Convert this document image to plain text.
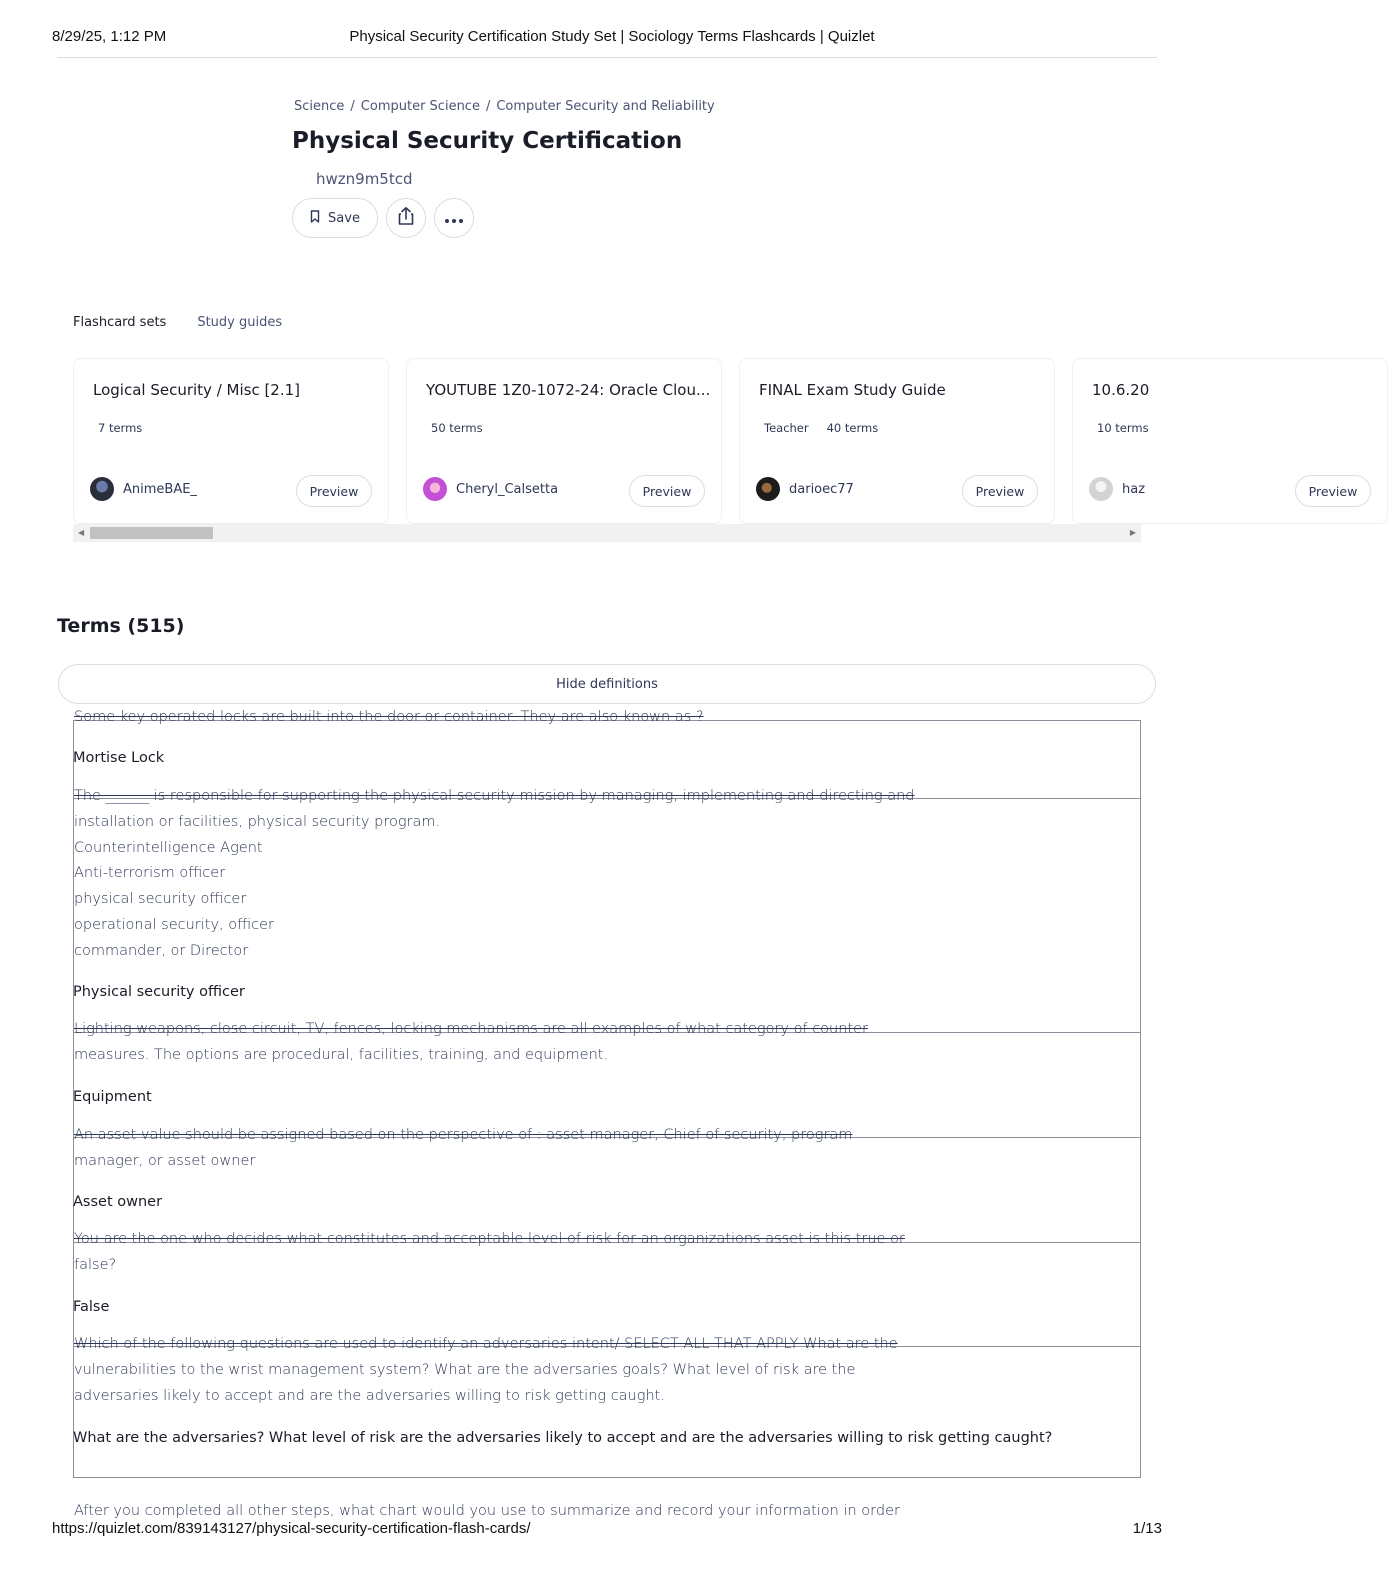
8/29/25, 1:12 PM	Physical Security Certification Study Set | Sociology Terms Flashcards | Quizlet
Science / Computer Science / Computer Security and Reliability
Physical Security Certification
hwzn9m5tcd
Save
Flashcard sets Study guides
Logical Security / Misc [2.1]
7 terms
AnimeBAE_	Preview
YOUTUBE 1Z0-1072-24: Oracle Clou...
50 terms
Cheryl_Calsetta	Preview
FINAL Exam Study Guide
Teacher 40 terms
darioec77	Preview
10.6.20
10 terms
haz	Preview
◀	▶
Terms (515)
Hide definitions
Some key operated locks are built into the door or container. They are also known as ?
Mortise Lock
The ______ is responsible for supporting the physical security mission by managing, implementing and directing and
installation or facilities, physical security program.
Counterintelligence Agent
Anti-terrorism officer
physical security officer
operational security, officer
commander, or Director
Physical security officer
Lighting weapons, close circuit, TV, fences, locking mechanisms are all examples of what category of counter
measures. The options are procedural, facilities, training, and equipment.
Equipment
An asset value should be assigned based on the perspective of : asset manager, Chief of security, program
manager, or asset owner
Asset owner
You are the one who decides what constitutes and acceptable level of risk for an organizations asset is this true or
false?
False
Which of the following questions are used to identify an adversaries intent/ SELECT ALL THAT APPLY What are the
vulnerabilities to the wrist management system? What are the adversaries goals? What level of risk are the
adversaries likely to accept and are the adversaries willing to risk getting caught.
What are the adversaries? What level of risk are the adversaries likely to accept and are the adversaries willing to risk getting caught?
After you completed all other steps, what chart would you use to summarize and record your information in order
https://quizlet.com/839143127/physical-security-certification-flash-cards/	1/13
